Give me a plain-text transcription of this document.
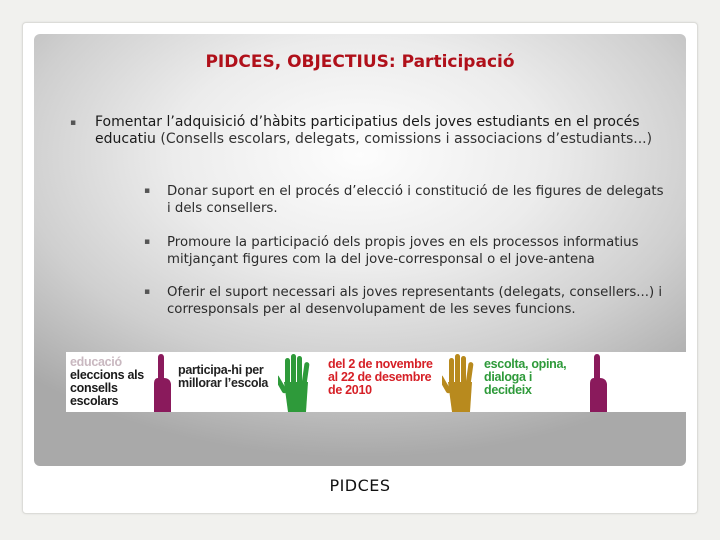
PIDCES, OBJECTIUS: Participació
▪ Fomentar l’adquisició d’hàbits participatius dels joves estudiants en el procés educatiu (Consells escolars, delegats, comissions i associacions d’estudiants...)
▪ Donar suport en el procés d’elecció i constitució de les figures de delegats i dels consellers.
▪ Promoure la participació dels propis joves en els processos informatius mitjançant figures com la del jove-corresponsal o el jove-antena
▪ Oferir el suport necessari als joves representants (delegats, consellers...) i corresponsals per al desenvolupament de les seves funcions.
educació
eleccions als consells escolars
participa-hi per millorar l’escola
del 2 de novembre al 22 de desembre de 2010
escolta, opina, dialoga i decideix
PIDCES
